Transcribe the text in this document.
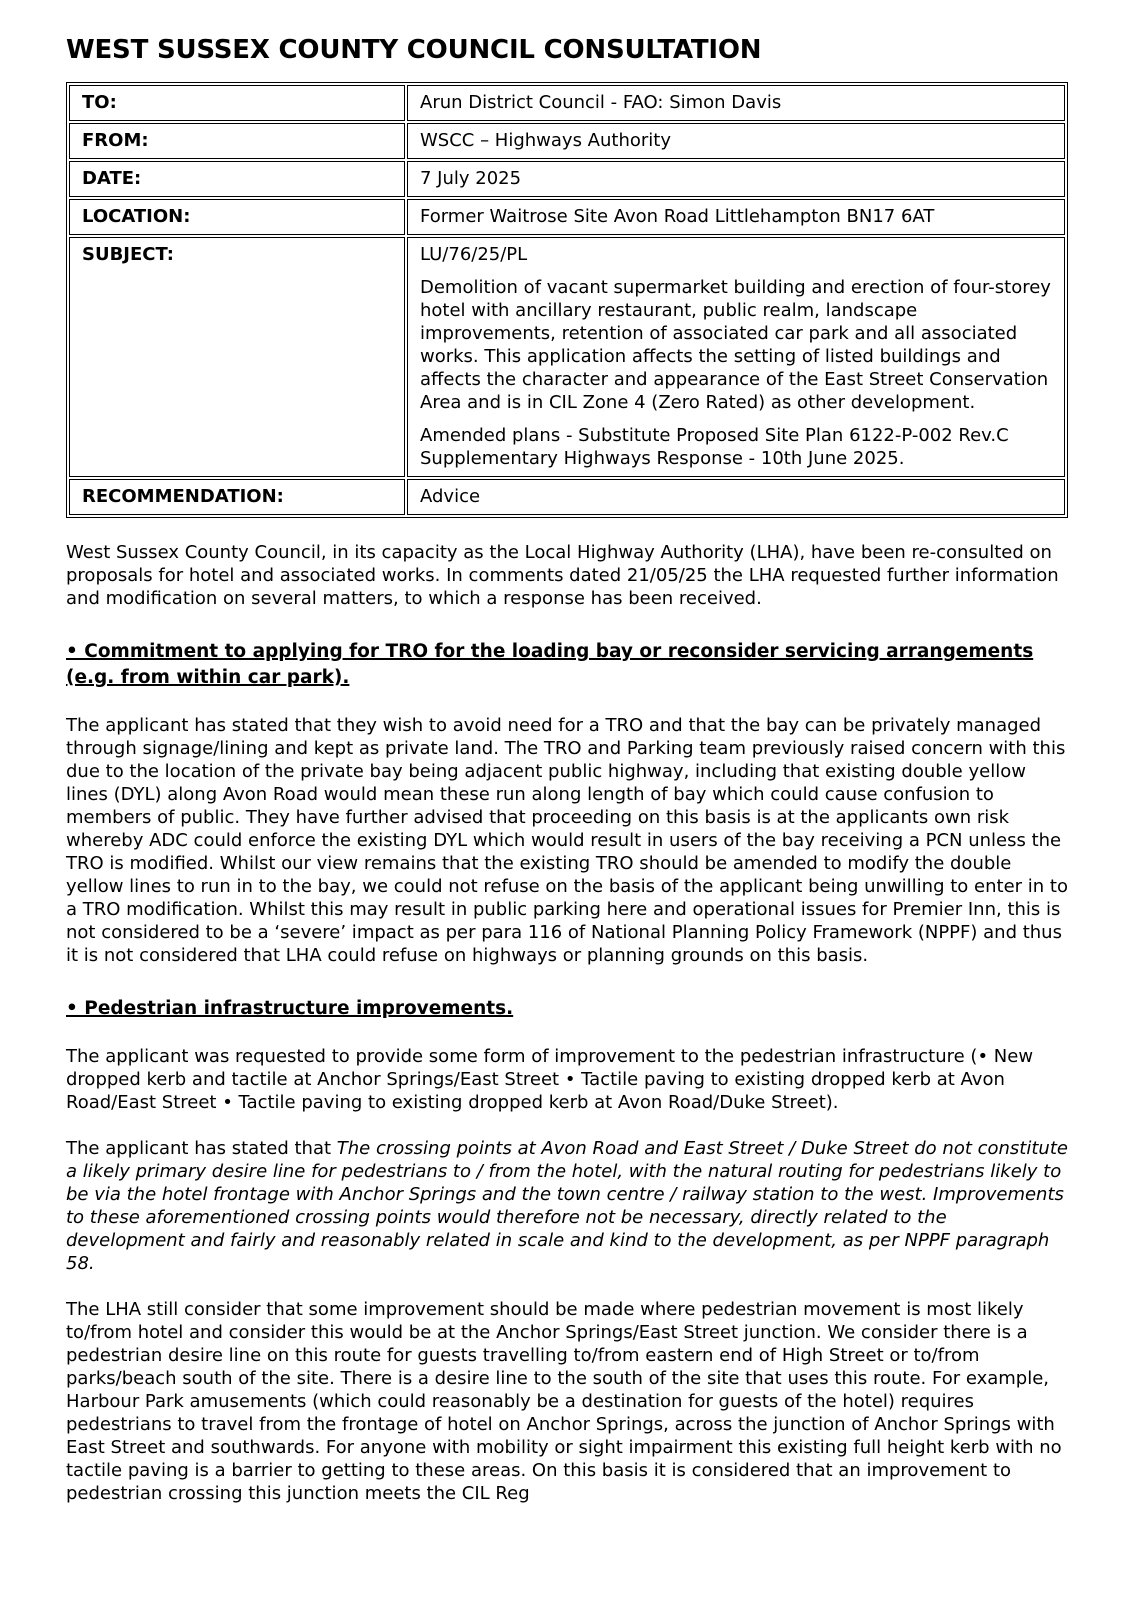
WEST SUSSEX COUNTY COUNCIL CONSULTATION
TO:	Arun District Council - FAO: Simon Davis
FROM:	WSCC – Highways Authority
DATE:	7 July 2025
LOCATION:	Former Waitrose Site Avon Road Littlehampton BN17 6AT
SUBJECT:	LU/76/25/PL

Demolition of vacant supermarket building and erection of four-storey hotel with ancillary restaurant, public realm, landscape improvements, retention of associated car park and all associated works. This application affects the setting of listed buildings and affects the character and appearance of the East Street Conservation Area and is in CIL Zone 4 (Zero Rated) as other development.

Amended plans - Substitute Proposed Site Plan 6122-P-002 Rev.C Supplementary Highways Response - 10th June 2025.

RECOMMENDATION:	Advice

West Sussex County Council, in its capacity as the Local Highway Authority (LHA), have been re-consulted on proposals for hotel and associated works. In comments dated 21/05/25 the LHA requested further information and modification on several matters, to which a response has been received.

• Commitment to applying for TRO for the loading bay or reconsider servicing arrangements (e.g. from within car park).

The applicant has stated that they wish to avoid need for a TRO and that the bay can be privately managed through signage/lining and kept as private land. The TRO and Parking team previously raised concern with this due to the location of the private bay being adjacent public highway, including that existing double yellow lines (DYL) along Avon Road would mean these run along length of bay which could cause confusion to members of public. They have further advised that proceeding on this basis is at the applicants own risk whereby ADC could enforce the existing DYL which would result in users of the bay receiving a PCN unless the TRO is modified. Whilst our view remains that the existing TRO should be amended to modify the double yellow lines to run in to the bay, we could not refuse on the basis of the applicant being unwilling to enter in to a TRO modification. Whilst this may result in public parking here and operational issues for Premier Inn, this is not considered to be a ‘severe’ impact as per para 116 of National Planning Policy Framework (NPPF) and thus it is not considered that LHA could refuse on highways or planning grounds on this basis.

• Pedestrian infrastructure improvements.

The applicant was requested to provide some form of improvement to the pedestrian infrastructure (• New dropped kerb and tactile at Anchor Springs/East Street • Tactile paving to existing dropped kerb at Avon Road/East Street • Tactile paving to existing dropped kerb at Avon Road/Duke Street).

The applicant has stated that The crossing points at Avon Road and East Street / Duke Street do not constitute a likely primary desire line for pedestrians to / from the hotel, with the natural routing for pedestrians likely to be via the hotel frontage with Anchor Springs and the town centre / railway station to the west. Improvements to these aforementioned crossing points would therefore not be necessary, directly related to the development and fairly and reasonably related in scale and kind to the development, as per NPPF paragraph 58.

The LHA still consider that some improvement should be made where pedestrian movement is most likely to/from hotel and consider this would be at the Anchor Springs/East Street junction. We consider there is a pedestrian desire line on this route for guests travelling to/from eastern end of High Street or to/from parks/beach south of the site. There is a desire line to the south of the site that uses this route. For example, Harbour Park amusements (which could reasonably be a destination for guests of the hotel) requires pedestrians to travel from the frontage of hotel on Anchor Springs, across the junction of Anchor Springs with East Street and southwards. For anyone with mobility or sight impairment this existing full height kerb with no tactile paving is a barrier to getting to these areas. On this basis it is considered that an improvement to pedestrian crossing this junction meets the CIL Reg
